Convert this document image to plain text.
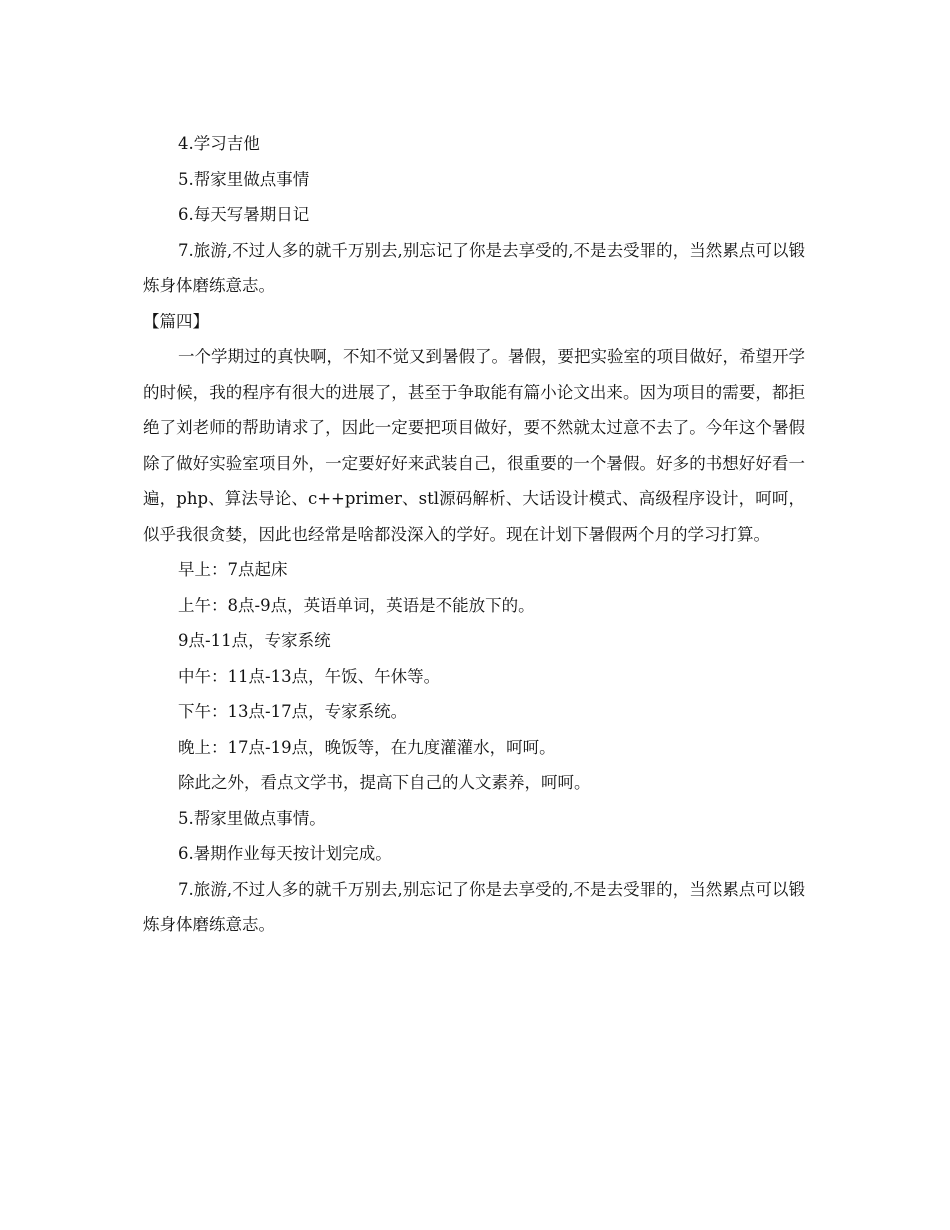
4.学习吉他

5.帮家里做点事情

6.每天写暑期日记

7.旅游,不过人多的就千万别去,别忘记了你是去享受的,不是去受罪的，当然累点可以锻炼身体磨练意志。

【篇四】

一个学期过的真快啊，不知不觉又到暑假了。暑假，要把实验室的项目做好，希望开学的时候，我的程序有很大的进展了，甚至于争取能有篇小论文出来。因为项目的需要，都拒绝了刘老师的帮助请求了，因此一定要把项目做好，要不然就太过意不去了。今年这个暑假除了做好实验室项目外，一定要好好来武装自己，很重要的一个暑假。好多的书想好好看一遍，php、算法导论、c++primer、stl源码解析、大话设计模式、高级程序设计，呵呵，似乎我很贪婪，因此也经常是啥都没深入的学好。现在计划下暑假两个月的学习打算。

早上：7点起床

上午：8点-9点，英语单词，英语是不能放下的。

9点-11点，专家系统

中午：11点-13点，午饭、午休等。

下午：13点-17点，专家系统。

晚上：17点-19点，晚饭等，在九度灌灌水，呵呵。

除此之外，看点文学书，提高下自己的人文素养，呵呵。

5.帮家里做点事情。

6.暑期作业每天按计划完成。

7.旅游,不过人多的就千万别去,别忘记了你是去享受的,不是去受罪的，当然累点可以锻炼身体磨练意志。
